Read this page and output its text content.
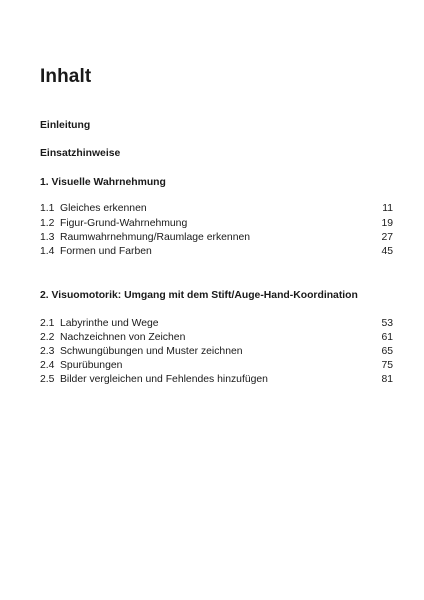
Inhalt
Einleitung
Einsatzhinweise
1. Visuelle Wahrnehmung
1.1 Gleiches erkennen	11
1.2 Figur-Grund-Wahrnehmung	19
1.3 Raumwahrnehmung/Raumlage erkennen	27
1.4 Formen und Farben	45
2. Visuomotorik: Umgang mit dem Stift/Auge-Hand-Koordination
2.1 Labyrinthe und Wege	53
2.2 Nachzeichnen von Zeichen	61
2.3 Schwungübungen und Muster zeichnen	65
2.4 Spurübungen	75
2.5 Bilder vergleichen und Fehlendes hinzufügen	81
